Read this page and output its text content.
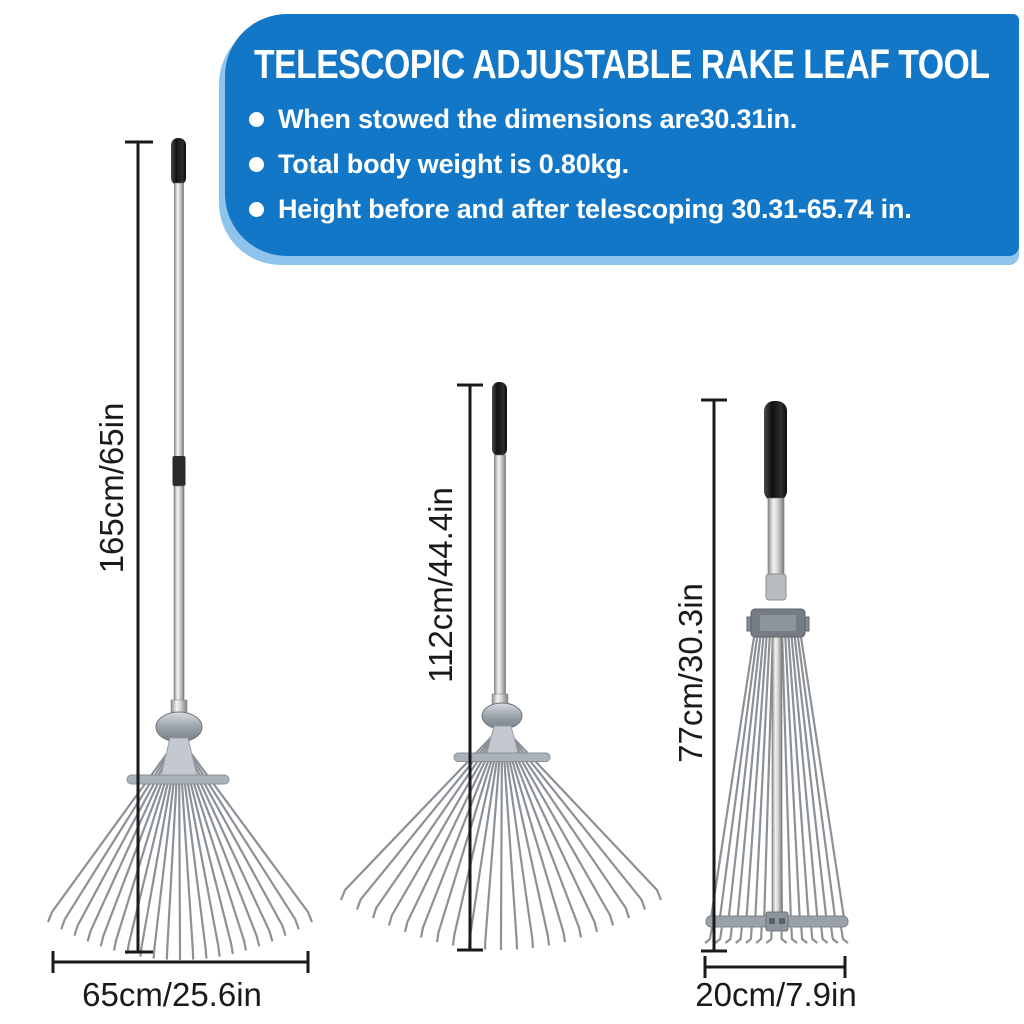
TELESCOPIC ADJUSTABLE RAKE LEAF TOOL
When stowed the dimensions are30.31in.
Total body weight is 0.80kg.
Height before and after telescoping 30.31-65.74 in.
165cm/65in	112cm/44.4in	77cm/30.3in
65cm/25.6in	20cm/7.9in
